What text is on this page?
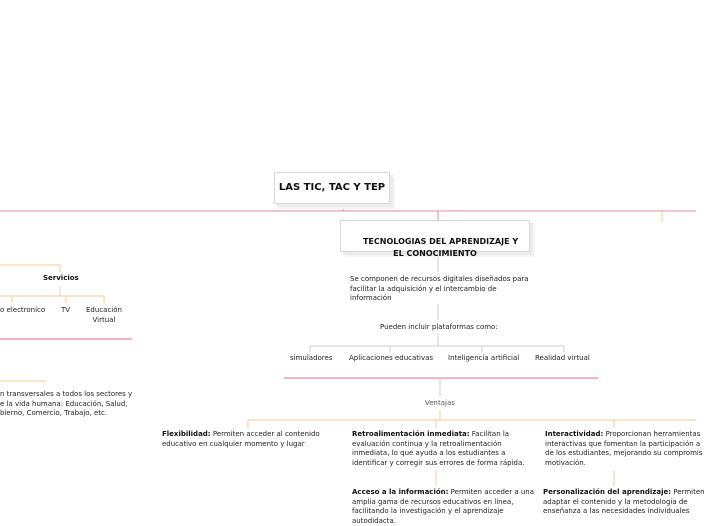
LAS TIC, TAC Y TEP
Servicios
o electronico TV Educación
Virtual
n transversales a todos los sectores y
e la vida humana: Educación, Salud,
bierno, Comercio, Trabajo, etc.

TECNOLOGIAS DEL APRENDIZAJE Y
EL CONOCIMIENTO

Se componen de recursos digitales diseñados para
facilitar la adquisición y el intercambio de
información
Pueden incluir plataformas como:
simuladores Aplicaciones educativas Inteligencia artificial Realidad virtual
Ventajas
Flexibilidad: Permiten acceder al contenido
educativo en cualquier momento y lugar
Retroalimentación inmediata: Facilitan la
evaluación continua y la retroalimentación
inmediata, lo que ayuda a los estudiantes a
identificar y corregir sus errores de forma rápida.
Interactividad: Proporcionan herramientas
interactivas que fomentan la participación a
de los estudiantes, mejorando su compromis
motivación.
Acceso a la información: Permiten acceder a una
amplia gama de recursos educativos en línea,
facilitando la investigación y el aprendizaje
autodidacta.
Personalización del aprendizaje: Permiten
adaptar el contenido y la metodología de
enseñanza a las necesidades individuales
